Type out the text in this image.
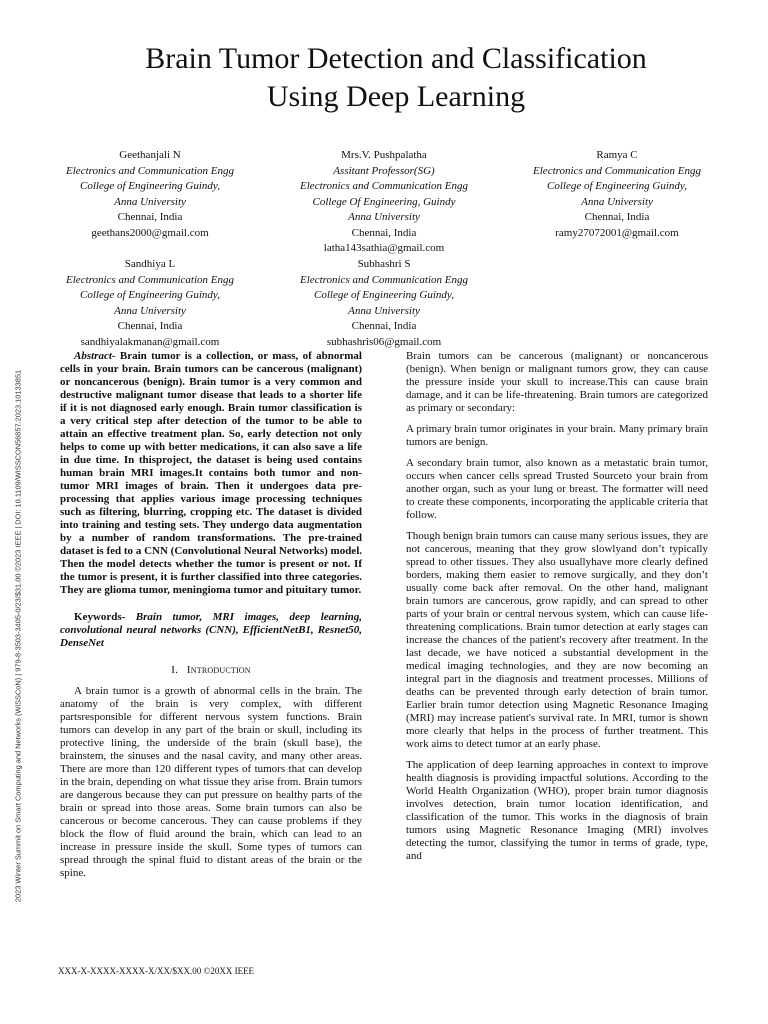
2023 Winter Summit on Smart Computing and Networks (WiSSCoN) | 979-8-3503-3405-0/23/$31.00 ©2023 IEEE | DOI: 10.1109/WISSCON56857.2023.10133851
Brain Tumor Detection and Classification
Using Deep Learning
Geethanjali N
Electronics and Communication Engg
College of Engineering Guindy,
Anna University
Chennai, India
geethans2000@gmail.com
Mrs.V. Pushpalatha
Assitant Professor(SG)
Electronics and Communication Engg
College Of Engineering, Guindy
Anna University
Chennai, India
latha143sathia@gmail.com
Ramya C
Electronics and Communication Engg
College of Engineering Guindy,
Anna University
Chennai, India
ramy27072001@gmail.com
Sandhiya L
Electronics and Communication Engg
College of Engineering Guindy,
Anna University
Chennai, India
sandhiyalakmanan@gmail.com
Subhashri S
Electronics and Communication Engg
College of Engineering Guindy,
Anna University
Chennai, India
subhashris06@gmail.com

Abstract- Brain tumor is a collection, or mass, of abnormal cells in your brain. Brain tumors can be cancerous (malignant) or noncancerous (benign). Brain tumor is a very common and destructive malignant tumor disease that leads to a shorter life if it is not diagnosed early enough. Brain tumor classification is a very critical step after detection of the tumor to be able to attain an effective treatment plan. So, early detection not only helps to come up with better medications, it can also save a life in due time. In thisproject, the dataset is being used contains human brain MRI images.It contains both tumor and non-tumor MRI images of brain. Then it undergoes data pre-processing that applies various image processing techniques such as filtering, blurring, cropping etc. The dataset is divided into training and testing sets. They undergo data augmentation by a number of random transformations. The pre-trained dataset is fed to a CNN (Convolutional Neural Networks) model. Then the model detects whether the tumor is present or not. If the tumor is present, it is further classified into three categories. They are glioma tumor, meningioma tumor and pituitary tumor.

Keywords- Brain tumor, MRI images, deep learning, convolutional neural networks (CNN), EfficientNetB1, Resnet50, DenseNet

I. Introduction

A brain tumor is a growth of abnormal cells in the brain. The anatomy of the brain is very complex, with different partsresponsible for different nervous system functions. Brain tumors can develop in any part of the brain or skull, including its protective lining, the underside of the brain (skull base), the brainstem, the sinuses and the nasal cavity, and many other areas. There are more than 120 different types of tumors that can develop in the brain, depending on what tissue they arise from. Brain tumors are dangerous because they can put pressure on healthy parts of the brain or spread into those areas. Some brain tumors can also be cancerous or become cancerous. They can cause problems if they block the flow of fluid around the brain, which can lead to an increase in pressure inside the skull. Some types of tumors can spread through the spinal fluid to distant areas of the brain or the spine.

Brain tumors can be cancerous (malignant) or noncancerous (benign). When benign or malignant tumors grow, they can cause the pressure inside your skull to increase.This can cause brain damage, and it can be life-threatening. Brain tumors are categorized as primary or secondary:

A primary brain tumor originates in your brain. Many primary brain tumors are benign.

A secondary brain tumor, also known as a metastatic brain tumor, occurs when cancer cells spread Trusted Sourceto your brain from another organ, such as your lung or breast. The formatter will need to create these components, incorporating the applicable criteria that follow.

Though benign brain tumors can cause many serious issues, they are not cancerous, meaning that they grow slowlyand don’t typically spread to other tissues. They also usuallyhave more clearly defined borders, making them easier to remove surgically, and they don’t usually come back after removal. On the other hand, malignant brain tumors are cancerous, grow rapidly, and can spread to other parts of your brain or central nervous system, which can cause life- threatening complications. Brain tumor detection at early stages can increase the chances of the patient's recovery after treatment. In the last decade, we have noticed a substantial development in the medical imaging technologies, and they are now becoming an integral part in the diagnosis and treatment processes. Millions of deaths can be prevented through early detection of brain tumor. Earlier brain tumor detection using Magnetic Resonance Imaging (MRI) may increase patient's survival rate. In MRI, tumor is shown more clearly that helps in the process of further treatment. This work aims to detect tumor at an early phase.

The application of deep learning approaches in context to improve health diagnosis is providing impactful solutions. According to the World Health Organization (WHO), proper brain tumor diagnosis involves detection, brain tumor location identification, and classification of the tumor. This works in the diagnosis of brain tumors using Magnetic Resonance Imaging (MRI) involves detecting the tumor, classifying the tumor in terms of grade, type, and

XXX-X-XXXX-XXXX-X/XX/$XX.00 ©20XX IEEE
